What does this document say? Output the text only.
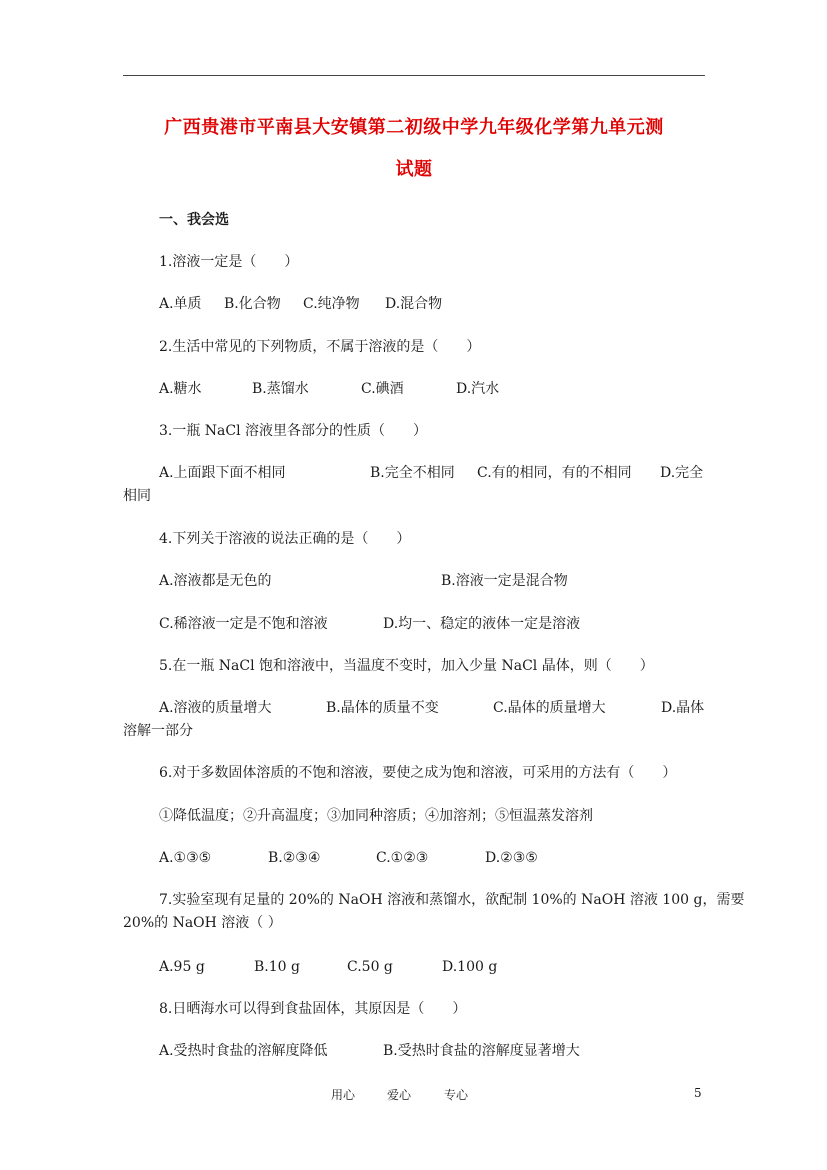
广西贵港市平南县大安镇第二初级中学九年级化学第九单元测
试题
一、我会选
1.溶液一定是（　　）
A.单质 B.化合物 C.纯净物 D.混合物
2.生活中常见的下列物质，不属于溶液的是（　　）
A.糖水	B.蒸馏水	C.碘酒	D.汽水
3.一瓶 NaCl 溶液里各部分的性质（　　）
A.上面跟下面不相同	B.完全不相同 C.有的相同，有的不相同 D.完全
相同
4.下列关于溶液的说法正确的是（　　）
A.溶液都是无色的	B.溶液一定是混合物
C.稀溶液一定是不饱和溶液	D.均一、稳定的液体一定是溶液
5.在一瓶 NaCl 饱和溶液中，当温度不变时，加入少量 NaCl 晶体，则（　　）
A.溶液的质量增大	B.晶体的质量不变	C.晶体的质量增大	D.晶体
溶解一部分
6.对于多数固体溶质的不饱和溶液，要使之成为饱和溶液，可采用的方法有（　　）
①降低温度；②升高温度；③加同种溶质；④加溶剂；⑤恒温蒸发溶剂
A.①③⑤	B.②③④	C.①②③	D.②③⑤
7.实验室现有足量的 20%的 NaOH 溶液和蒸馏水，欲配制 10%的 NaOH 溶液 100 g，需要
20%的 NaOH 溶液（ ）
A.95 g	B.10 g	C.50 g	D.100 g
8.日晒海水可以得到食盐固体，其原因是（　　）
A.受热时食盐的溶解度降低	B.受热时食盐的溶解度显著增大
用心	爱心	专心	5
